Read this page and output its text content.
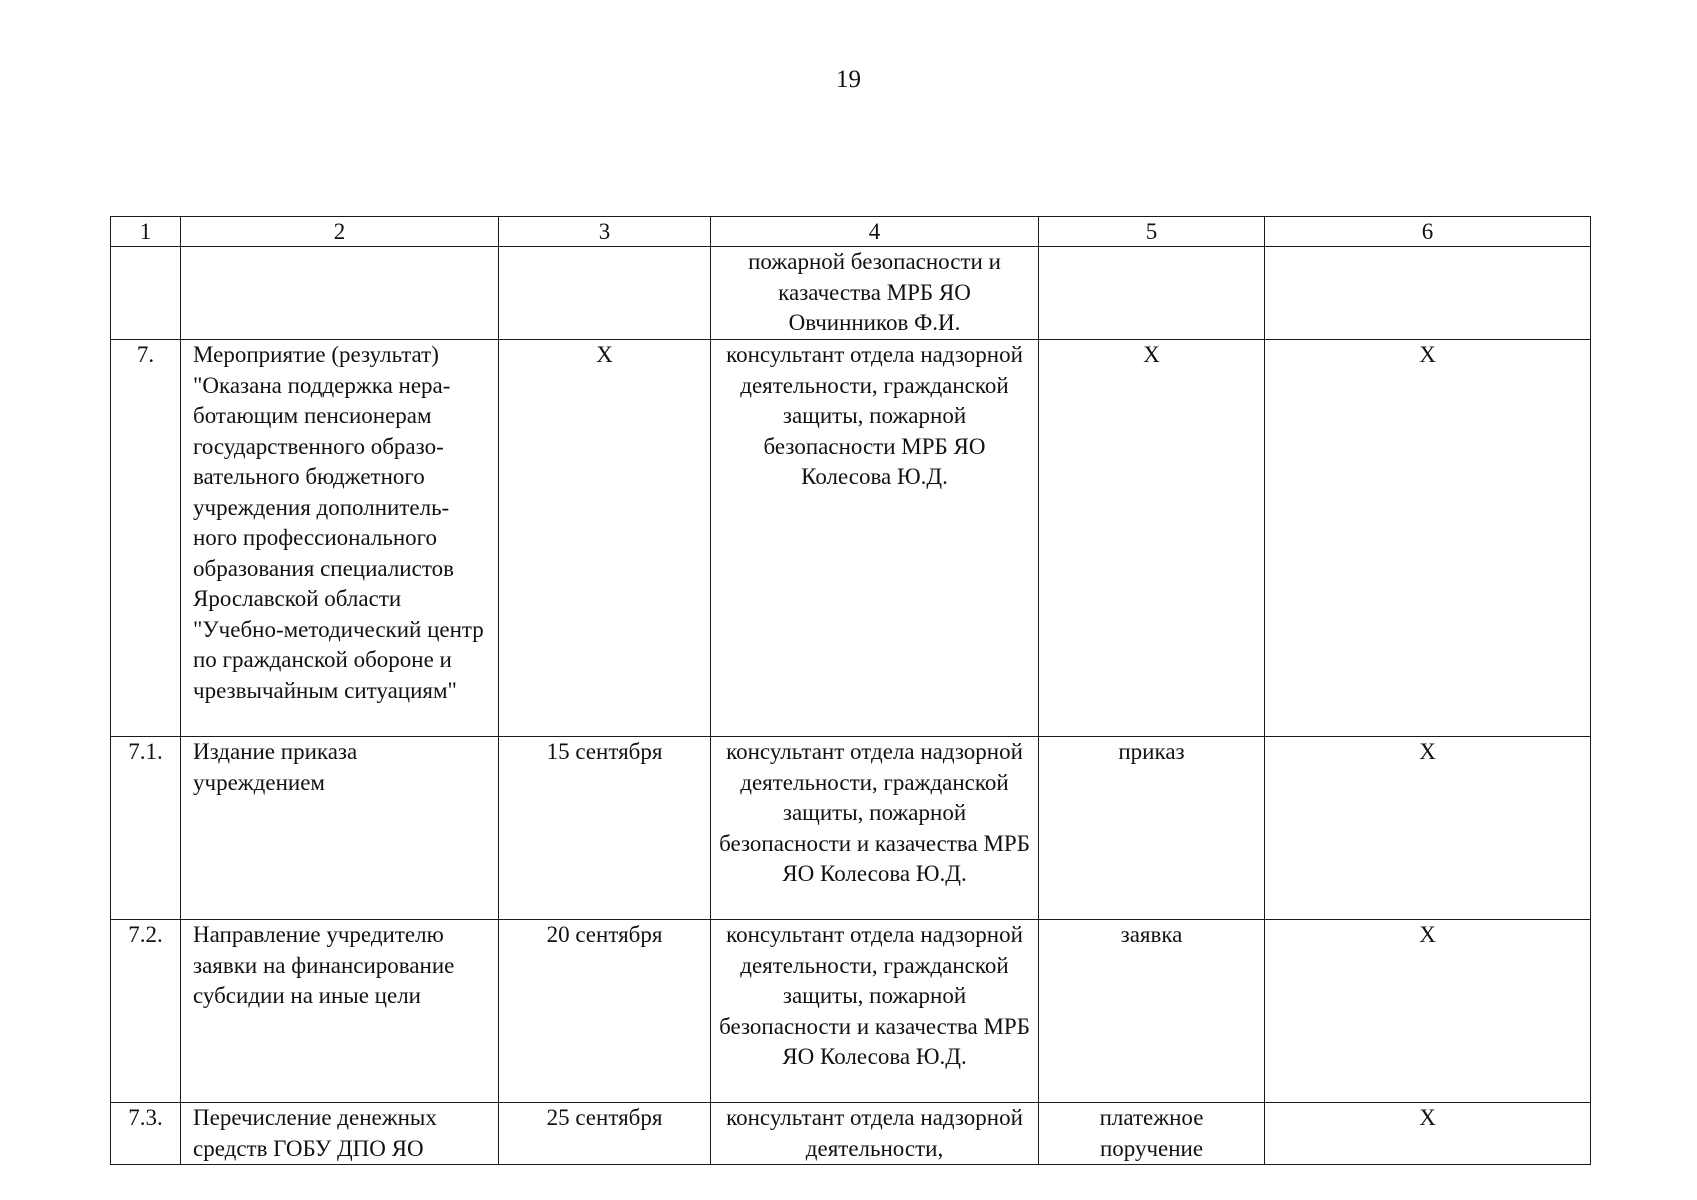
19
1	2	3	4	5	6
			пожарной безопасности и казачества МРБ ЯО Овчинников Ф.И.		
7.	Мероприятие (результат) "Оказана поддержка нера-ботающим пенсионерам государственного образо-вательного бюджетного учреждения дополнитель-ного профессионального образования специалистов Ярославской области "Учебно-методический центр по гражданской обороне и чрезвычайным ситуациям"	Х	консультант отдела надзорной деятельности, гражданской защиты, пожарной безопасности МРБ ЯО Колесова Ю.Д.	Х	Х
7.1.	Издание приказа учреждением	15 сентября	консультант отдела надзорной деятельности, гражданской защиты, пожарной безопасности и казачества МРБ ЯО Колесова Ю.Д.	приказ	Х
7.2.	Направление учредителю заявки на финансирование субсидии на иные цели	20 сентября	консультант отдела надзорной деятельности, гражданской защиты, пожарной безопасности и казачества МРБ ЯО Колесова Ю.Д.	заявка	Х
7.3.	Перечисление денежных средств ГОБУ ДПО ЯО	25 сентября	консультант отдела надзорной деятельности,	платежное поручение	Х
